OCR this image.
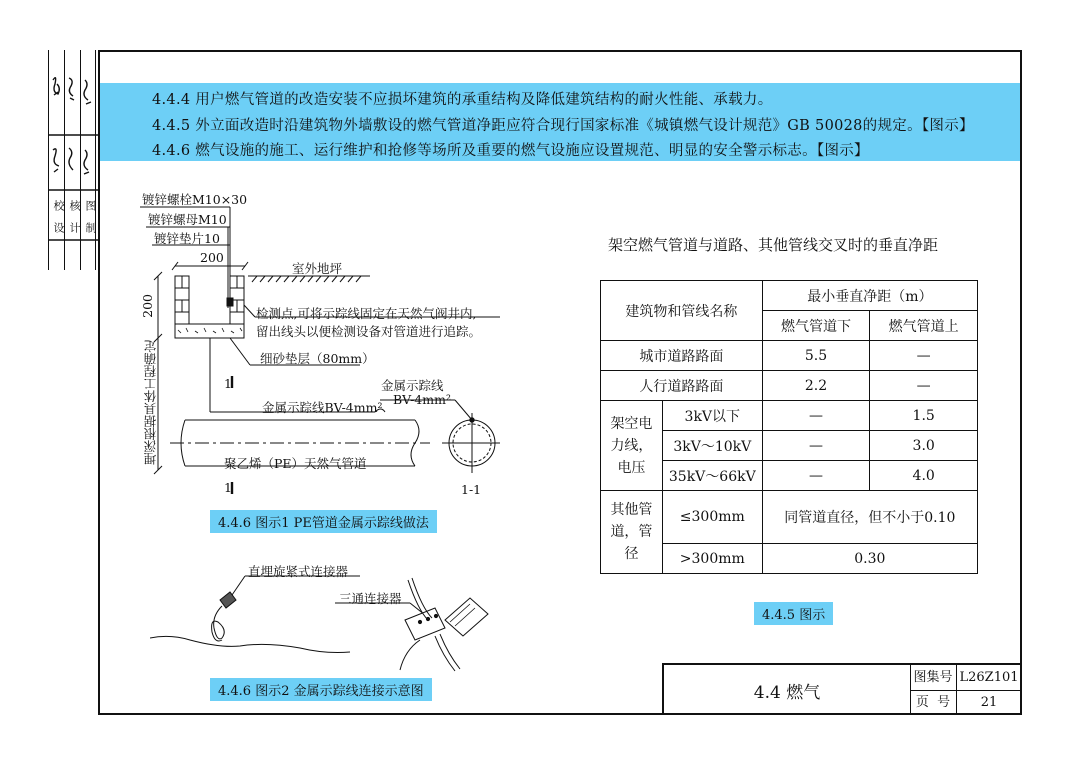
校
设
核
计
图
制
4.4.4 用户燃气管道的改造安装不应损坏建筑的承重结构及降低建筑结构的耐火性能、承载力。
4.4.5 外立面改造时沿建筑物外墙敷设的燃气管道净距应符合现行国家标准《城镇燃气设计规范》GB 50028的规定。【图示】
4.4.6 燃气设施的施工、运行维护和抢修等场所及重要的燃气设施应设置规范、明显的安全警示标志。【图示】
镀锌螺栓M10×30
镀锌螺母M10
镀锌垫片10
200
室外地坪
200	检测点,可将示踪线固定在天然气阀井内,
留出线头以便检测设备对管道进行追踪。
细砂垫层（80mm）
埋深根据具体工程确定	金属示踪线
BV-4mm²
金属示踪线BV-4mm²
聚乙烯（PE）天然气管道
1
1	1-1
4.4.6 图示1 PE管道金属示踪线做法
直埋旋紧式连接器
三通连接器
4.4.6 图示2 金属示踪线连接示意图
架空燃气管道与道路、其他管线交叉时的垂直净距
建筑物和管线名称		最小垂直净距（m）	
		燃气管道下	燃气管道上
城市道路路面		5.5	—
人行道路路面		2.2	—
架空电力线，电压	3kV以下	—	1.5
	3kV～10kV	—	3.0
	35kV～66kV	—	4.0
其他管道，管径	≤300mm	同管道直径，但不小于0.10	
	>300mm	0.30	
4.4.5 图示
4.4 燃气
图集号 L26Z101
页  号	21
